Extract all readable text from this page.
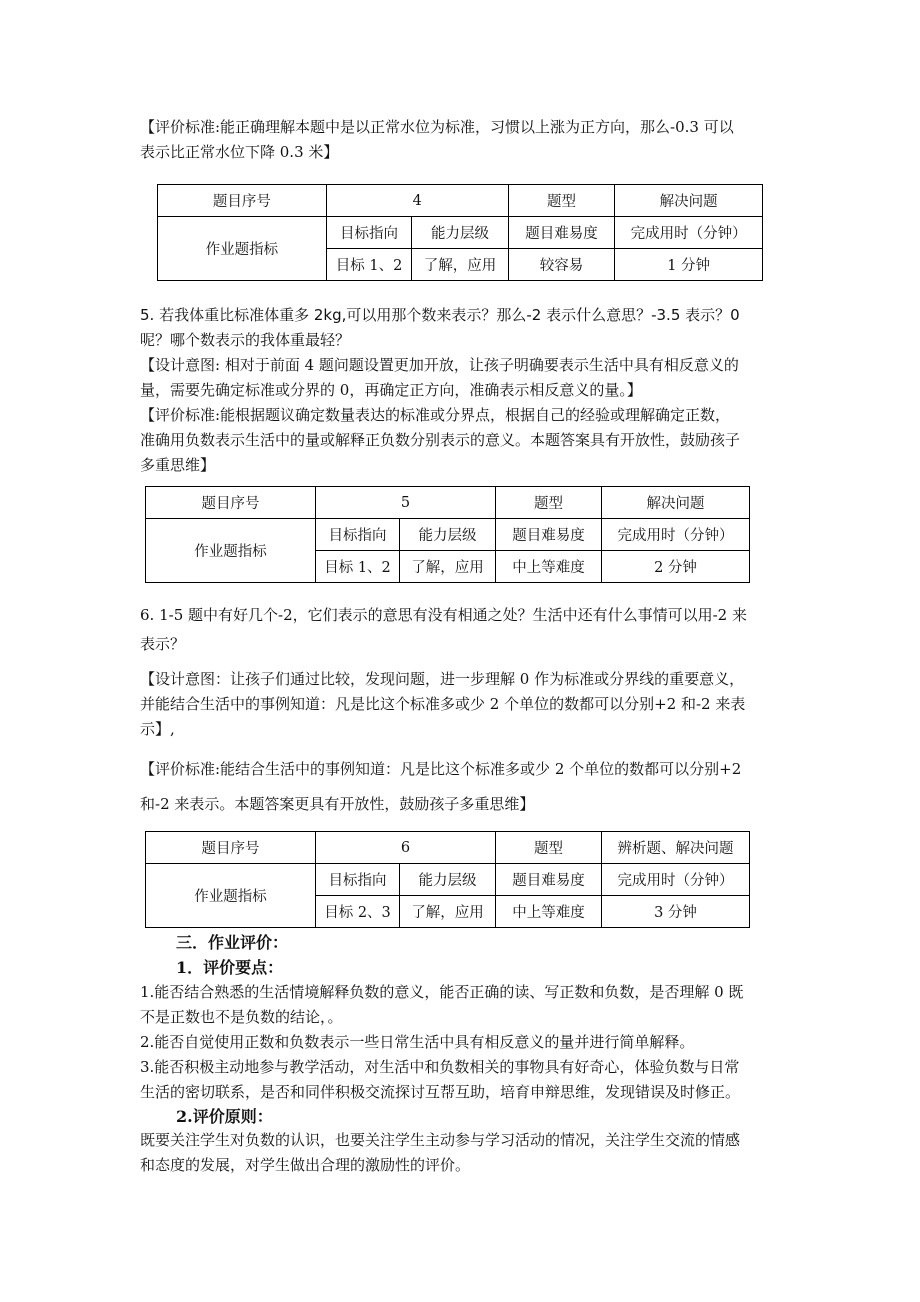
【评价标准:能正确理解本题中是以正常水位为标准，习惯以上涨为正方向，那么-0.3 可以
表示比正常水位下降 0.3 米】

题目序号	4		题型	解决问题
作业题指标	目标指向	能力层级	题目难易度	完成用时（分钟）
	目标 1、2	了解，应用	较容易	1 分钟

5. 若我体重比标准体重多 2kg,可以用那个数来表示？那么-2 表示什么意思？-3.5 表示？0
呢？哪个数表示的我体重最轻？
【设计意图: 相对于前面 4 题问题设置更加开放，让孩子明确要表示生活中具有相反意义的
量，需要先确定标准或分界的 0，再确定正方向，准确表示相反意义的量。】
【评价标准:能根据题议确定数量表达的标准或分界点，根据自己的经验或理解确定正数，
准确用负数表示生活中的量或解释正负数分别表示的意义。本题答案具有开放性，鼓励孩子
多重思维】

题目序号	5		题型	解决问题
作业题指标	目标指向	能力层级	题目难易度	完成用时（分钟）
	目标 1、2	了解，应用	中上等难度	2 分钟

6. 1-5 题中有好几个-2，它们表示的意思有没有相通之处？生活中还有什么事情可以用-2 来

表示？

【设计意图：让孩子们通过比较，发现问题，进一步理解 0 作为标准或分界线的重要意义，
并能结合生活中的事例知道：凡是比这个标准多或少 2 个单位的数都可以分别+2 和-2 来表
示】,

【评价标准:能结合生活中的事例知道：凡是比这个标准多或少 2 个单位的数都可以分别+2

和-2 来表示。本题答案更具有开放性，鼓励孩子多重思维】

题目序号	6		题型	辨析题、解决问题
作业题指标	目标指向	能力层级	题目难易度	完成用时（分钟）
	目标 2、3	了解，应用	中上等难度	3 分钟
三．作业评价：
1．评价要点：

1.能否结合熟悉的生活情境解释负数的意义，能否正确的读、写正数和负数，是否理解 0 既
不是正数也不是负数的结论，。
2.能否自觉使用正数和负数表示一些日常生活中具有相反意义的量并进行简单解释。
3.能否积极主动地参与教学活动，对生活中和负数相关的事物具有好奇心，体验负数与日常
生活的密切联系，是否和同伴积极交流探讨互帮互助，培育申辩思维，发现错误及时修正。

2.评价原则：

既要关注学生对负数的认识，也要关注学生主动参与学习活动的情况，关注学生交流的情感
和态度的发展，对学生做出合理的激励性的评价。
